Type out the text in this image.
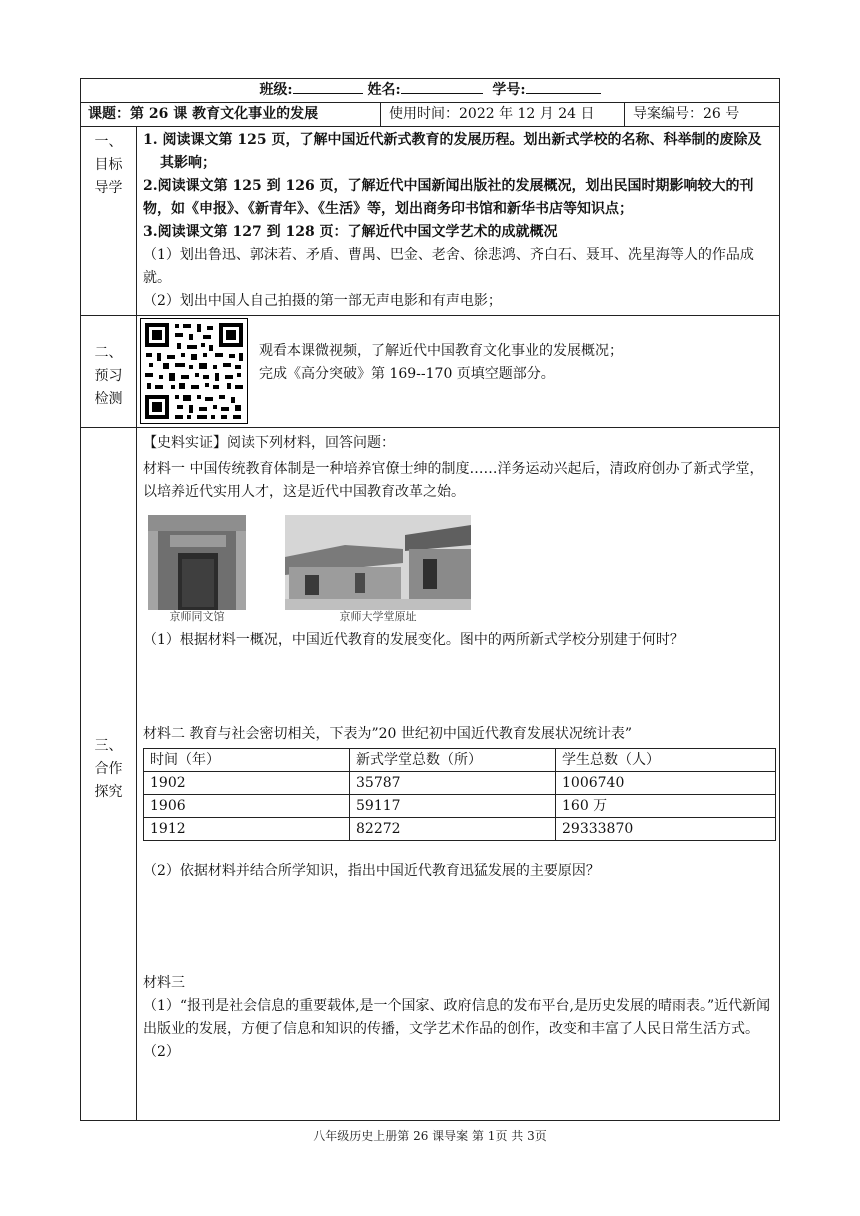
班级:	姓名:	学号:
课题：第 26 课 教育文化事业的发展	使用时间：2022 年 12 月 24 日	导案编号：26 号

一、
目标
导学

1. 阅读课文第 125 页，了解中国近代新式教育的发展历程。划出新式学校的名称、科举制的废除及其影响；

2.阅读课文第 125 到 126 页，了解近代中国新闻出版社的发展概况，划出民国时期影响较大的刊物，如《申报》、《新青年》、《生活》等，划出商务印书馆和新华书店等知识点；

3.阅读课文第 127 到 128 页：了解近代中国文学艺术的成就概况

（1）划出鲁迅、郭沫若、矛盾、曹禺、巴金、老舍、徐悲鸿、齐白石、聂耳、冼星海等人的作品成就。

（2）划出中国人自己拍摄的第一部无声电影和有声电影；

二、
预习
检测

观看本课微视频，了解近代中国教育文化事业的发展概况；

完成《高分突破》第 169--170 页填空题部分。

三、
合作
探究

【史料实证】阅读下列材料，回答问题：

材料一 中国传统教育体制是一种培养官僚士绅的制度……洋务运动兴起后，清政府创办了新式学堂，以培养近代实用人才，这是近代中国教育改革之始。

京师同文馆	京师大学堂原址

（1）根据材料一概况，中国近代教育的发展变化。图中的两所新式学校分别建于何时？

材料二 教育与社会密切相关，下表为”20 世纪初中国近代教育发展状况统计表”

时间（年）	新式学堂总数（所）	学生总数（人）
1902	35787	1006740
1906	59117	160 万
1912	82272	29333870

（2）依据材料并结合所学知识，指出中国近代教育迅猛发展的主要原因？

材料三

（1）“报刊是社会信息的重要载体,是一个国家、政府信息的发布平台,是历史发展的晴雨表。”近代新闻出版业的发展，方便了信息和知识的传播，文学艺术作品的创作，改变和丰富了人民日常生活方式。

（2）

八年级历史上册第 26 课导案 第 1页 共 3页
